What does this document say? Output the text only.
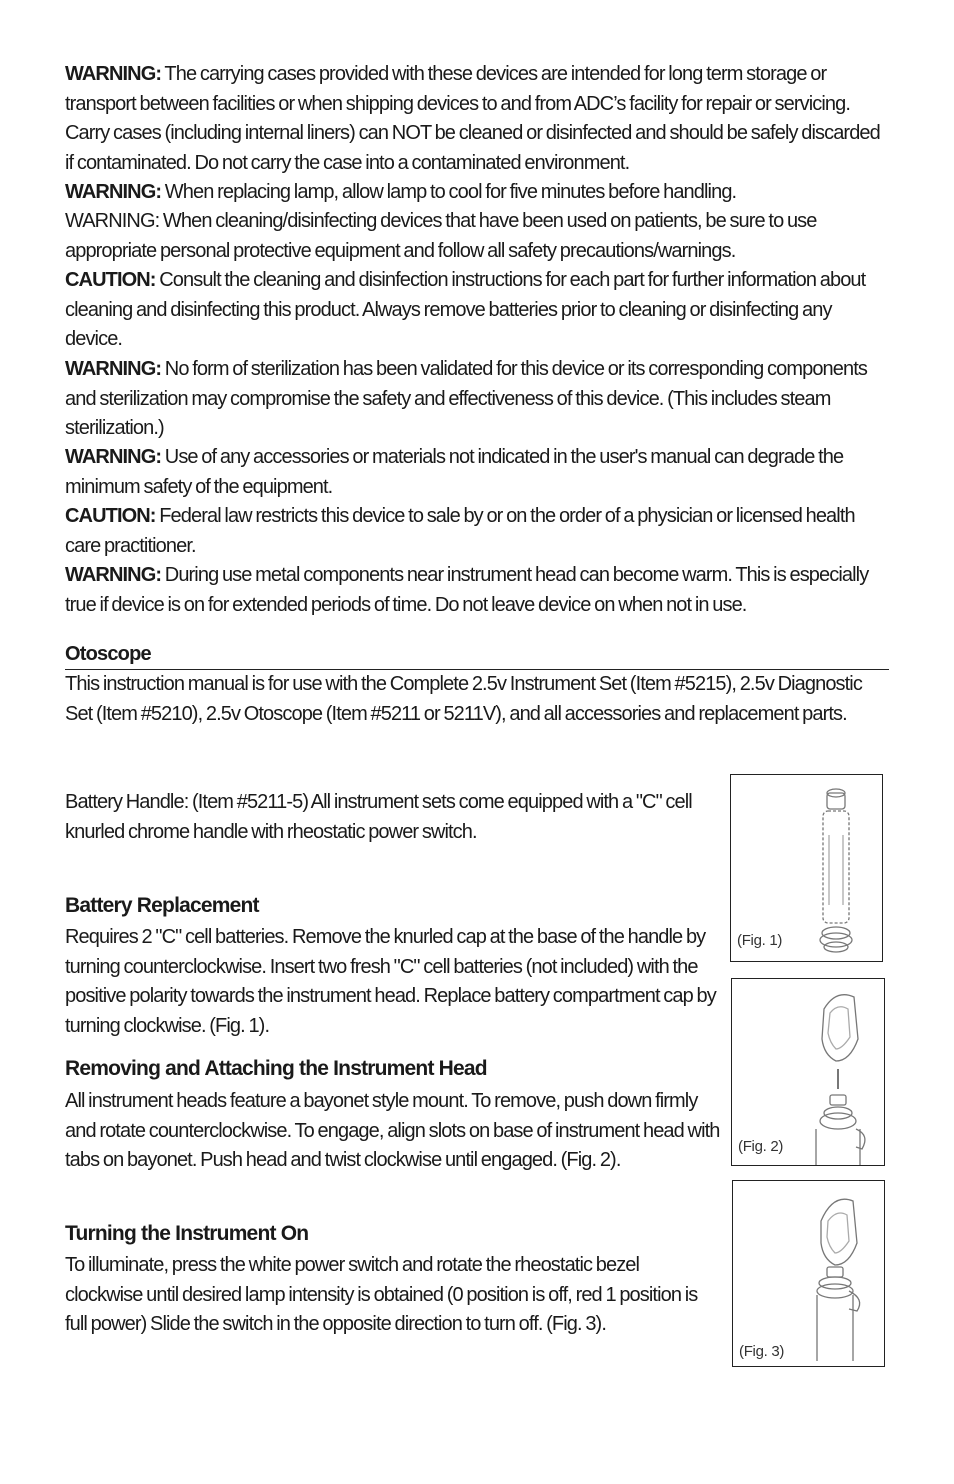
WARNING: The carrying cases provided with these devices are intended for long term storage or transport between facilities or when shipping devices to and from ADC’s facility for repair or servicing. Carry cases (including internal liners) can NOT be cleaned or disinfected and should be safely discarded if contaminated. Do not carry the case into a contaminated environment.

WARNING: When replacing lamp, allow lamp to cool for five minutes before handling.

WARNING: When cleaning/disinfecting devices that have been used on patients, be sure to use appropriate personal protective equipment and follow all safety precautions/warnings.

CAUTION: Consult the cleaning and disinfection instructions for each part for further information about cleaning and disinfecting this product. Always remove batteries prior to cleaning or disinfecting any device.

WARNING: No form of sterilization has been validated for this device or its corresponding components and sterilization may compromise the safety and effectiveness of this device. (This includes steam sterilization.)

WARNING: Use of any accessories or materials not indicated in the user's manual can degrade the minimum safety of the equipment.

CAUTION: Federal law restricts this device to sale by or on the order of a physician or licensed health care practitioner.

WARNING: During use metal components near instrument head can become warm. This is especially true if device is on for extended periods of time. Do not leave device on when not in use.

Otoscope

This instruction manual is for use with the Complete 2.5v Instrument Set (Item #5215), 2.5v Diagnostic Set (Item #5210), 2.5v Otoscope (Item #5211 or 5211V), and all accessories and replacement parts.

Battery Handle: (Item #5211-5) All instrument sets come equipped with a "C" cell knurled chrome handle with rheostatic power switch.

Battery Replacement

Requires 2 "C" cell batteries. Remove the knurled cap at the base of the handle by turning counterclockwise. Insert two fresh "C" cell batteries (not included) with the positive polarity towards the instrument head. Replace battery compartment cap by turning clockwise. (Fig. 1).

Removing and Attaching the Instrument Head

All instrument heads feature a bayonet style mount. To remove, push down firmly and rotate counterclockwise. To engage, align slots on base of instrument head with tabs on bayonet. Push head and twist clockwise until engaged. (Fig. 2).

Turning the Instrument On

To illuminate, press the white power switch and rotate the rheostatic bezel clockwise until desired lamp intensity is obtained (0 position is off, red 1 position is full power) Slide the switch in the opposite direction to turn off. (Fig. 3).

(Fig. 1)
(Fig. 2)
(Fig. 3)
